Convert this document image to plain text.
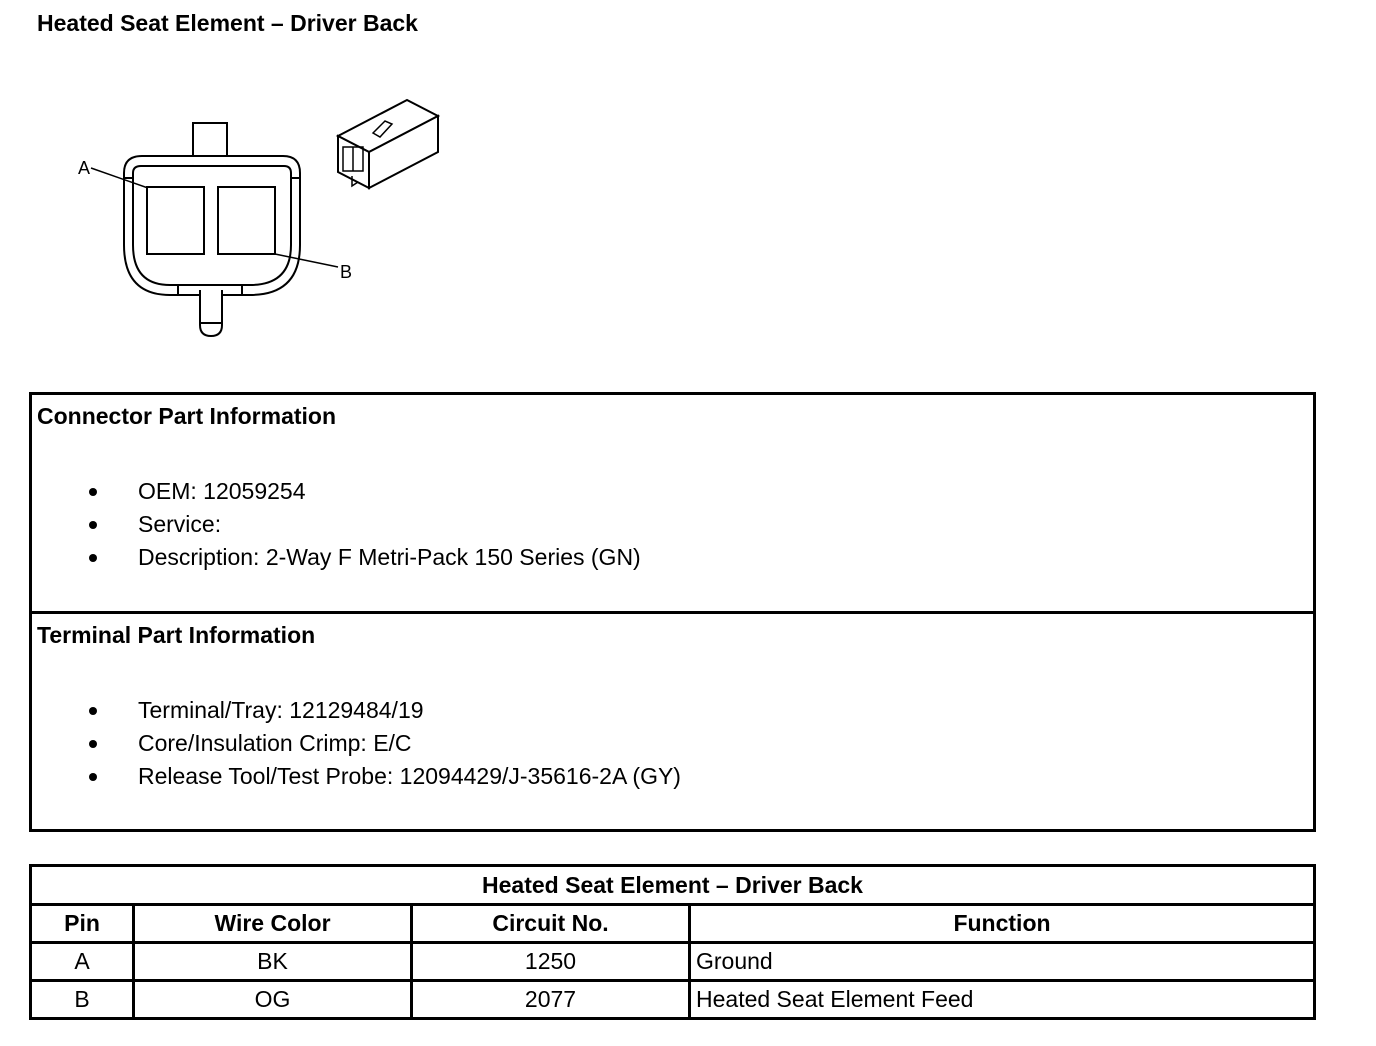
Heated Seat Element – Driver Back
A
B
Connector Part Information
OEM: 12059254
Service:
Description: 2-Way F Metri-Pack 150 Series (GN)
Terminal Part Information
Terminal/Tray: 12129484/19
Core/Insulation Crimp: E/C
Release Tool/Test Probe: 12094429/J-35616-2A (GY)
Heated Seat Element – Driver Back			
Pin	Wire Color	Circuit No.	Function
A	BK	1250	Ground
B	OG	2077	Heated Seat Element Feed
